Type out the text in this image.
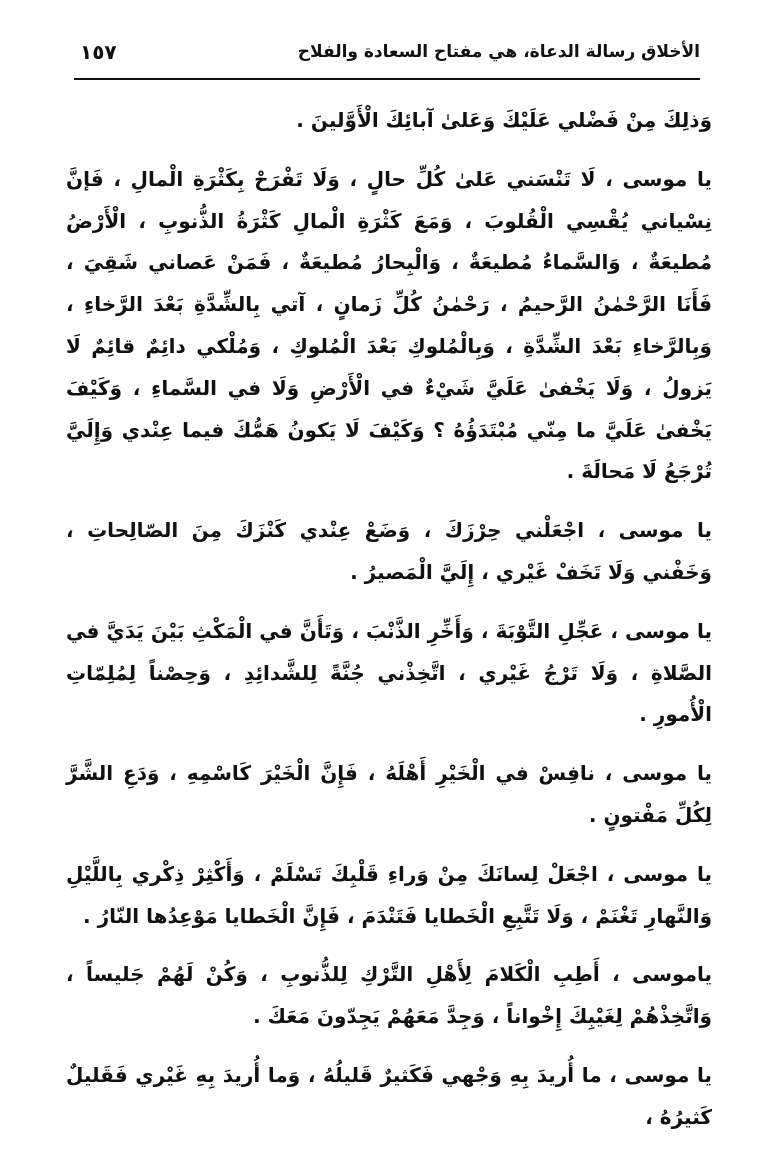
الأخلاق رسالة الدعاة، هي مفتاح السعادة والفلاح
١٥٧

وَذلِكَ مِنْ فَضْلي عَلَيْكَ وَعَلىٰ آبائِكَ الْأَوَّلينَ .

يا موسى ، لَا تَنْسَني عَلىٰ كُلِّ حالٍ ، وَلَا تَفْرَحْ بِكَثْرَةِ الْمالِ ، فَإنَّ نِسْياني يُقْسِي الْقُلوبَ ، وَمَعَ كَثْرَةِ الْمالِ كَثْرَةُ الذُّنوبِ ، الْأَرْضُ مُطيعَةٌ ، وَالسَّماءُ مُطيعَةٌ ، وَالْبِحارُ مُطيعَةٌ ، فَمَنْ عَصاني شَقِيَ ، فَأَنَا الرَّحْمٰنُ الرَّحيمُ ، رَحْمٰنُ كُلِّ زَمانٍ ، آتي بِالشِّدَّةِ بَعْدَ الرَّخاءِ ، وَبِالرَّخاءِ بَعْدَ الشِّدَّةِ ، وَبِالْمُلوكِ بَعْدَ الْمُلوكِ ، وَمُلْكي دائِمٌ قائِمٌ لَا يَزولُ ، وَلَا يَخْفىٰ عَلَيَّ شَيْءٌ في الْأَرْضِ وَلَا في السَّماءِ ، وَكَيْفَ يَخْفىٰ عَلَيَّ ما مِنّي مُبْتَدَؤُهُ ؟ وَكَيْفَ لَا يَكونُ هَمُّكَ فيما عِنْدي وَإِلَيَّ تُرْجَعُ لَا مَحالَةَ .

يا موسى ، اجْعَلْني حِرْزَكَ ، وَضَعْ عِنْدي كَنْزَكَ مِنَ الصّالِحاتِ ، وَخَفْني وَلَا تَخَفْ غَيْري ، إِلَيَّ الْمَصيرُ .

يا موسى ، عَجِّلِ التَّوْبَةَ ، وَأَخِّرِ الذَّنْبَ ، وَتَأَنَّ في الْمَكْثِ بَيْنَ يَدَيَّ في الصَّلاةِ ، وَلَا تَرْجُ غَيْري ، اتَّخِذْني جُنَّةً لِلشَّدائِدِ ، وَحِصْناً لِمُلِمّاتِ الْأُمورِ .

يا موسى ، نافِسْ في الْخَيْرِ أَهْلَهُ ، فَإِنَّ الْخَيْرَ كَاسْمِهِ ، وَدَعِ الشَّرَّ لِكُلِّ مَفْتونٍ .

يا موسى ، اجْعَلْ لِسانَكَ مِنْ وَراءِ قَلْبِكَ تَسْلَمْ ، وَأَكْثِرْ ذِكْري بِاللَّيْلِ وَالنَّهارِ تَغْنَمْ ، وَلَا تَتَّبِعِ الْخَطايا فَتَنْدَمَ ، فَإِنَّ الْخَطايا مَوْعِدُها النّارُ .

ياموسى ، أَطِبِ الْكَلامَ لِأَهْلِ التَّرْكِ لِلذُّنوبِ ، وَكُنْ لَهُمْ جَليساً ، وَاتَّخِذْهُمْ لِغَيْبِكَ إِخْواناً ، وَجِدَّ مَعَهُمْ يَجِدّونَ مَعَكَ .

يا موسى ، ما أُريدَ بِهِ وَجْهي فَكَثيرٌ قَليلُهُ ، وَما أُريدَ بِهِ غَيْري فَقَليلٌ كَثيرُهُ ،
